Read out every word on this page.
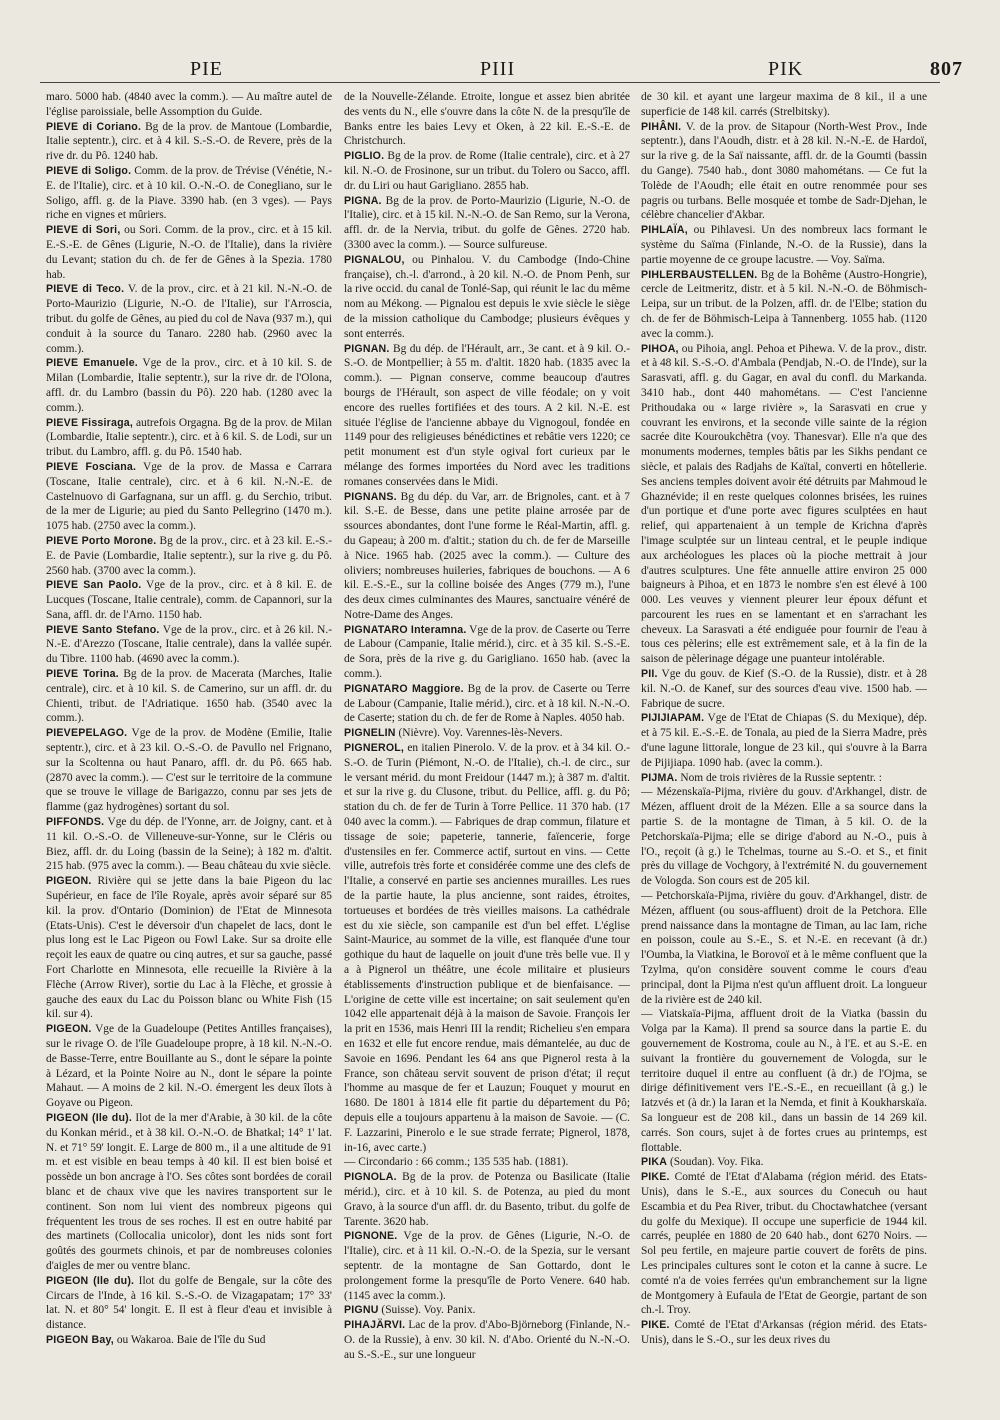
PIE	PIII	PIK	807

maro. 5000 hab. (4840 avec la comm.). — Au maître autel de l'église paroissiale, belle Assomption du Guide.

PIEVE di Coriano. Bg de la prov. de Mantoue (Lombardie, Italie septentr.), circ. et à 4 kil. S.-S.-O. de Revere, près de la rive dr. du Pô. 1240 hab.

PIEVE di Soligo. Comm. de la prov. de Trévise (Vénétie, N.-E. de l'Italie), circ. et à 10 kil. O.-N.-O. de Conegliano, sur le Soligo, affl. g. de la Piave. 3390 hab. (en 3 vges). — Pays riche en vignes et mûriers.

PIEVE di Sori, ou Sori. Comm. de la prov., circ. et à 15 kil. E.-S.-E. de Gênes (Ligurie, N.-O. de l'Italie), dans la rivière du Levant; station du ch. de fer de Gênes à la Spezia. 1780 hab.

PIEVE di Teco. V. de la prov., circ. et à 21 kil. N.-N.-O. de Porto-Maurizio (Ligurie, N.-O. de l'Italie), sur l'Arroscia, tribut. du golfe de Gênes, au pied du col de Nava (937 m.), qui conduit à la source du Tanaro. 2280 hab. (2960 avec la comm.).

PIEVE Emanuele. Vge de la prov., circ. et à 10 kil. S. de Milan (Lombardie, Italie septentr.), sur la rive dr. de l'Olona, affl. dr. du Lambro (bassin du Pô). 220 hab. (1280 avec la comm.).

PIEVE Fissiraga, autrefois Orgagna. Bg de la prov. de Milan (Lombardie, Italie septentr.), circ. et à 6 kil. S. de Lodi, sur un tribut. du Lambro, affl. g. du Pô. 1540 hab.

PIEVE Fosciana. Vge de la prov. de Massa e Carrara (Toscane, Italie centrale), circ. et à 6 kil. N.-N.-E. de Castelnuovo di Garfagnana, sur un affl. g. du Serchio, tribut. de la mer de Ligurie; au pied du Santo Pellegrino (1470 m.). 1075 hab. (2750 avec la comm.).

PIEVE Porto Morone. Bg de la prov., circ. et à 23 kil. E.-S.-E. de Pavie (Lombardie, Italie septentr.), sur la rive g. du Pô. 2560 hab. (3700 avec la comm.).

PIEVE San Paolo. Vge de la prov., circ. et à 8 kil. E. de Lucques (Toscane, Italie centrale), comm. de Capannori, sur la Sana, affl. dr. de l'Arno. 1150 hab.

PIEVE Santo Stefano. Vge de la prov., circ. et à 26 kil. N.-N.-E. d'Arezzo (Toscane, Italie centrale), dans la vallée supér. du Tibre. 1100 hab. (4690 avec la comm.).

PIEVE Torina. Bg de la prov. de Macerata (Marches, Italie centrale), circ. et à 10 kil. S. de Camerino, sur un affl. dr. du Chienti, tribut. de l'Adriatique. 1650 hab. (3540 avec la comm.).

PIEVEPELAGO. Vge de la prov. de Modène (Emilie, Italie septentr.), circ. et à 23 kil. O.-S.-O. de Pavullo nel Frignano, sur la Scoltenna ou haut Panaro, affl. dr. du Pô. 665 hab. (2870 avec la comm.). — C'est sur le territoire de la commune que se trouve le village de Barigazzo, connu par ses jets de flamme (gaz hydrogènes) sortant du sol.

PIFFONDS. Vge du dép. de l'Yonne, arr. de Joigny, cant. et à 11 kil. O.-S.-O. de Villeneuve-sur-Yonne, sur le Cléris ou Biez, affl. dr. du Loing (bassin de la Seine); à 182 m. d'altit. 215 hab. (975 avec la comm.). — Beau château du xvie siècle.

PIGEON. Rivière qui se jette dans la baie Pigeon du lac Supérieur, en face de l'île Royale, après avoir séparé sur 85 kil. la prov. d'Ontario (Dominion) de l'Etat de Minnesota (Etats-Unis). C'est le déversoir d'un chapelet de lacs, dont le plus long est le Lac Pigeon ou Fowl Lake. Sur sa droite elle reçoit les eaux de quatre ou cinq autres, et sur sa gauche, passé Fort Charlotte en Minnesota, elle recueille la Rivière à la Flèche (Arrow River), sortie du Lac à la Flèche, et grossie à gauche des eaux du Lac du Poisson blanc ou White Fish (15 kil. sur 4).

PIGEON. Vge de la Guadeloupe (Petites Antilles françaises), sur le rivage O. de l'île Guadeloupe propre, à 18 kil. N.-N.-O. de Basse-Terre, entre Bouillante au S., dont le sépare la pointe à Lézard, et la Pointe Noire au N., dont le sépare la pointe Mahaut. — A moins de 2 kil. N.-O. émergent les deux îlots à Goyave ou Pigeon.

PIGEON (Ile du). Ilot de la mer d'Arabie, à 30 kil. de la côte du Konkan mérid., et à 38 kil. O.-N.-O. de Bhatkal; 14° 1' lat. N. et 71° 59' longit. E. Large de 800 m., il a une altitude de 91 m. et est visible en beau temps à 40 kil. Il est bien boisé et possède un bon ancrage à l'O. Ses côtes sont bordées de corail blanc et de chaux vive que les navires transportent sur le continent. Son nom lui vient des nombreux pigeons qui fréquentent les trous de ses roches. Il est en outre habité par des martinets (Collocalia unicolor), dont les nids sont fort goûtés des gourmets chinois, et par de nombreuses colonies d'aigles de mer ou ventre blanc.

PIGEON (Ile du). Ilot du golfe de Bengale, sur la côte des Circars de l'Inde, à 16 kil. S.-S.-O. de Vizagapatam; 17° 33' lat. N. et 80° 54' longit. E. Il est à fleur d'eau et invisible à distance.

PIGEON Bay, ou Wakaroa. Baie de l'île du Sud

de la Nouvelle-Zélande. Etroite, longue et assez bien abritée des vents du N., elle s'ouvre dans la côte N. de la presqu'île de Banks entre les baies Levy et Oken, à 22 kil. E.-S.-E. de Christchurch.

PIGLIO. Bg de la prov. de Rome (Italie centrale), circ. et à 27 kil. N.-O. de Frosinone, sur un tribut. du Tolero ou Sacco, affl. dr. du Liri ou haut Garigliano. 2855 hab.

PIGNA. Bg de la prov. de Porto-Maurizio (Ligurie, N.-O. de l'Italie), circ. et à 15 kil. N.-N.-O. de San Remo, sur la Verona, affl. dr. de la Nervia, tribut. du golfe de Gênes. 2720 hab. (3300 avec la comm.). — Source sulfureuse.

PIGNALOU, ou Pinhalou. V. du Cambodge (Indo-Chine française), ch.-l. d'arrond., à 20 kil. N.-O. de Pnom Penh, sur la rive occid. du canal de Tonlé-Sap, qui réunit le lac du même nom au Mékong. — Pignalou est depuis le xvie siècle le siège de la mission catholique du Cambodge; plusieurs évêques y sont enterrés.

PIGNAN. Bg du dép. de l'Hérault, arr., 3e cant. et à 9 kil. O.-S.-O. de Montpellier; à 55 m. d'altit. 1820 hab. (1835 avec la comm.). — Pignan conserve, comme beaucoup d'autres bourgs de l'Hérault, son aspect de ville féodale; on y voit encore des ruelles fortifiées et des tours. A 2 kil. N.-E. est située l'église de l'ancienne abbaye du Vignogoul, fondée en 1149 pour des religieuses bénédictines et rebâtie vers 1220; ce petit monument est d'un style ogival fort curieux par le mélange des formes importées du Nord avec les traditions romanes conservées dans le Midi.

PIGNANS. Bg du dép. du Var, arr. de Brignoles, cant. et à 7 kil. S.-E. de Besse, dans une petite plaine arrosée par de ssources abondantes, dont l'une forme le Réal-Martin, affl. g. du Gapeau; à 200 m. d'altit.; station du ch. de fer de Marseille à Nice. 1965 hab. (2025 avec la comm.). — Culture des oliviers; nombreuses huileries, fabriques de bouchons. — A 6 kil. E.-S.-E., sur la colline boisée des Anges (779 m.), l'une des deux cimes culminantes des Maures, sanctuaire vénéré de Notre-Dame des Anges.

PIGNATARO Interamna. Vge de la prov. de Caserte ou Terre de Labour (Campanie, Italie mérid.), circ. et à 35 kil. S.-S.-E. de Sora, près de la rive g. du Garigliano. 1650 hab. (avec la comm.).

PIGNATARO Maggiore. Bg de la prov. de Caserte ou Terre de Labour (Campanie, Italie mérid.), circ. et à 18 kil. N.-N.-O. de Caserte; station du ch. de fer de Rome à Naples. 4050 hab.

PIGNELIN (Nièvre). Voy. Varennes-lès-Nevers.

PIGNEROL, en italien Pinerolo. V. de la prov. et à 34 kil. O.-S.-O. de Turin (Piémont, N.-O. de l'Italie), ch.-l. de circ., sur le versant mérid. du mont Freidour (1447 m.); à 387 m. d'altit. et sur la rive g. du Clusone, tribut. du Pellice, affl. g. du Pô; station du ch. de fer de Turin à Torre Pellice. 11 370 hab. (17 040 avec la comm.). — Fabriques de drap commun, filature et tissage de soie; papeterie, tannerie, faïencerie, forge d'ustensiles en fer. Commerce actif, surtout en vins. — Cette ville, autrefois très forte et considérée comme une des clefs de l'Italie, a conservé en partie ses anciennes murailles. Les rues de la partie haute, la plus ancienne, sont raides, étroites, tortueuses et bordées de très vieilles maisons. La cathédrale est du xie siècle, son campanile est d'un bel effet. L'église Saint-Maurice, au sommet de la ville, est flanquée d'une tour gothique du haut de laquelle on jouit d'une très belle vue. Il y a à Pignerol un théâtre, une école militaire et plusieurs établissements d'instruction publique et de bienfaisance. — L'origine de cette ville est incertaine; on sait seulement qu'en 1042 elle appartenait déjà à la maison de Savoie. François Ier la prit en 1536, mais Henri III la rendit; Richelieu s'en empara en 1632 et elle fut encore rendue, mais démantelée, au duc de Savoie en 1696. Pendant les 64 ans que Pignerol resta à la France, son château servit souvent de prison d'état; il reçut l'homme au masque de fer et Lauzun; Fouquet y mourut en 1680. De 1801 à 1814 elle fit partie du département du Pô; depuis elle a toujours appartenu à la maison de Savoie. — (C. F. Lazzarini, Pinerolo e le sue strade ferrate; Pignerol, 1878, in-16, avec carte.)

— Circondario : 66 comm.; 135 535 hab. (1881).

PIGNOLA. Bg de la prov. de Potenza ou Basilicate (Italie mérid.), circ. et à 10 kil. S. de Potenza, au pied du mont Gravo, à la source d'un affl. dr. du Basento, tribut. du golfe de Tarente. 3620 hab.

PIGNONE. Vge de la prov. de Gênes (Ligurie, N.-O. de l'Italie), circ. et à 11 kil. O.-N.-O. de la Spezia, sur le versant septentr. de la montagne de San Gottardo, dont le prolongement forme la presqu'île de Porto Venere. 640 hab. (1145 avec la comm.).

PIGNU (Suisse). Voy. Panix.

PIHAJÄRVI. Lac de la prov. d'Abo-Björneborg (Finlande, N.-O. de la Russie), à env. 30 kil. N. d'Abo. Orienté du N.-N.-O. au S.-S.-E., sur une longueur

de 30 kil. et ayant une largeur maxima de 8 kil., il a une superficie de 148 kil. carrés (Strelbitsky).

PIHÂNI. V. de la prov. de Sitapour (North-West Prov., Inde septentr.), dans l'Aoudh, distr. et à 28 kil. N.-N.-E. de Hardoï, sur la rive g. de la Saï naissante, affl. dr. de la Goumti (bassin du Gange). 7540 hab., dont 3080 mahométans. — Ce fut la Tolède de l'Aoudh; elle était en outre renommée pour ses pagris ou turbans. Belle mosquée et tombe de Sadr-Djehan, le célèbre chancelier d'Akbar.

PIHLAÏA, ou Pihlavesi. Un des nombreux lacs formant le système du Saïma (Finlande, N.-O. de la Russie), dans la partie moyenne de ce groupe lacustre. — Voy. Saïma.

PIHLERBAUSTELLEN. Bg de la Bohême (Austro-Hongrie), cercle de Leitmeritz, distr. et à 5 kil. N.-N.-O. de Böhmisch-Leipa, sur un tribut. de la Polzen, affl. dr. de l'Elbe; station du ch. de fer de Böhmisch-Leipa à Tannenberg. 1055 hab. (1120 avec la comm.).

PIHOA, ou Pihoia, angl. Pehoa et Pihewa. V. de la prov., distr. et à 48 kil. S.-S.-O. d'Ambala (Pendjab, N.-O. de l'Inde), sur la Sarasvati, affl. g. du Gagar, en aval du confl. du Markanda. 3410 hab., dont 440 mahométans. — C'est l'ancienne Prithoudaka ou « large rivière », la Sarasvati en crue y couvrant les environs, et la seconde ville sainte de la région sacrée dite Kouroukchêtra (voy. Thanesvar). Elle n'a que des monuments modernes, temples bâtis par les Sikhs pendant ce siècle, et palais des Radjahs de Kaïtal, converti en hôtellerie. Ses anciens temples doivent avoir été détruits par Mahmoud le Ghaznévide; il en reste quelques colonnes brisées, les ruines d'un portique et d'une porte avec figures sculptées en haut relief, qui appartenaient à un temple de Krichna d'après l'image sculptée sur un linteau central, et le peuple indique aux archéologues les places où la pioche mettrait à jour d'autres sculptures. Une fête annuelle attire environ 25 000 baigneurs à Pihoa, et en 1873 le nombre s'en est élevé à 100 000. Les veuves y viennent pleurer leur époux défunt et parcourent les rues en se lamentant et en s'arrachant les cheveux. La Sarasvati a été endiguée pour fournir de l'eau à tous ces pèlerins; elle est extrêmement sale, et à la fin de la saison de pèlerinage dégage une puanteur intolérable.

PII. Vge du gouv. de Kief (S.-O. de la Russie), distr. et à 28 kil. N.-O. de Kanef, sur des sources d'eau vive. 1500 hab. — Fabrique de sucre.

PIJIJIAPAM. Vge de l'Etat de Chiapas (S. du Mexique), dép. et à 75 kil. E.-S.-E. de Tonala, au pied de la Sierra Madre, près d'une lagune littorale, longue de 23 kil., qui s'ouvre à la Barra de Pijijiapa. 1090 hab. (avec la comm.).

PIJMA. Nom de trois rivières de la Russie septentr. :

— Mézenskaïa-Pijma, rivière du gouv. d'Arkhangel, distr. de Mézen, affluent droit de la Mézen. Elle a sa source dans la partie S. de la montagne de Timan, à 5 kil. O. de la Petchorskaïa-Pijma; elle se dirige d'abord au N.-O., puis à l'O., reçoit (à g.) le Tchelmas, tourne au S.-O. et S., et finit près du village de Vochgory, à l'extrémité N. du gouvernement de Vologda. Son cours est de 205 kil.

— Petchorskaïa-Pijma, rivière du gouv. d'Arkhangel, distr. de Mézen, affluent (ou sous-affluent) droit de la Petchora. Elle prend naissance dans la montagne de Timan, au lac Iam, riche en poisson, coule au S.-E., S. et N.-E. en recevant (à dr.) l'Oumba, la Viatkina, le Borovoï et à le même confluent que la Tzylma, qu'on considère souvent comme le cours d'eau principal, dont la Pijma n'est qu'un affluent droit. La longueur de la rivière est de 240 kil.

— Viatskaïa-Pijma, affluent droit de la Viatka (bassin du Volga par la Kama). Il prend sa source dans la partie E. du gouvernement de Kostroma, coule au N., à l'E. et au S.-E. en suivant la frontière du gouvernement de Vologda, sur le territoire duquel il entre au confluent (à dr.) de l'Ojma, se dirige définitivement vers l'E.-S.-E., en recueillant (à g.) le Iatzvés et (à dr.) la Iaran et la Nemda, et finit à Koukharskaïa. Sa longueur est de 208 kil., dans un bassin de 14 269 kil. carrés. Son cours, sujet à de fortes crues au printemps, est flottable.

PIKA (Soudan). Voy. Fika.

PIKE. Comté de l'Etat d'Alabama (région mérid. des Etats-Unis), dans le S.-E., aux sources du Conecuh ou haut Escambia et du Pea River, tribut. du Choctawhatchee (versant du golfe du Mexique). Il occupe une superficie de 1944 kil. carrés, peuplée en 1880 de 20 640 hab., dont 6270 Noirs. — Sol peu fertile, en majeure partie couvert de forêts de pins. Les principales cultures sont le coton et la canne à sucre. Le comté n'a de voies ferrées qu'un embranchement sur la ligne de Montgomery à Eufaula de l'Etat de Georgie, partant de son ch.-l. Troy.

PIKE. Comté de l'Etat d'Arkansas (région mérid. des Etats-Unis), dans le S.-O., sur les deux rives du
